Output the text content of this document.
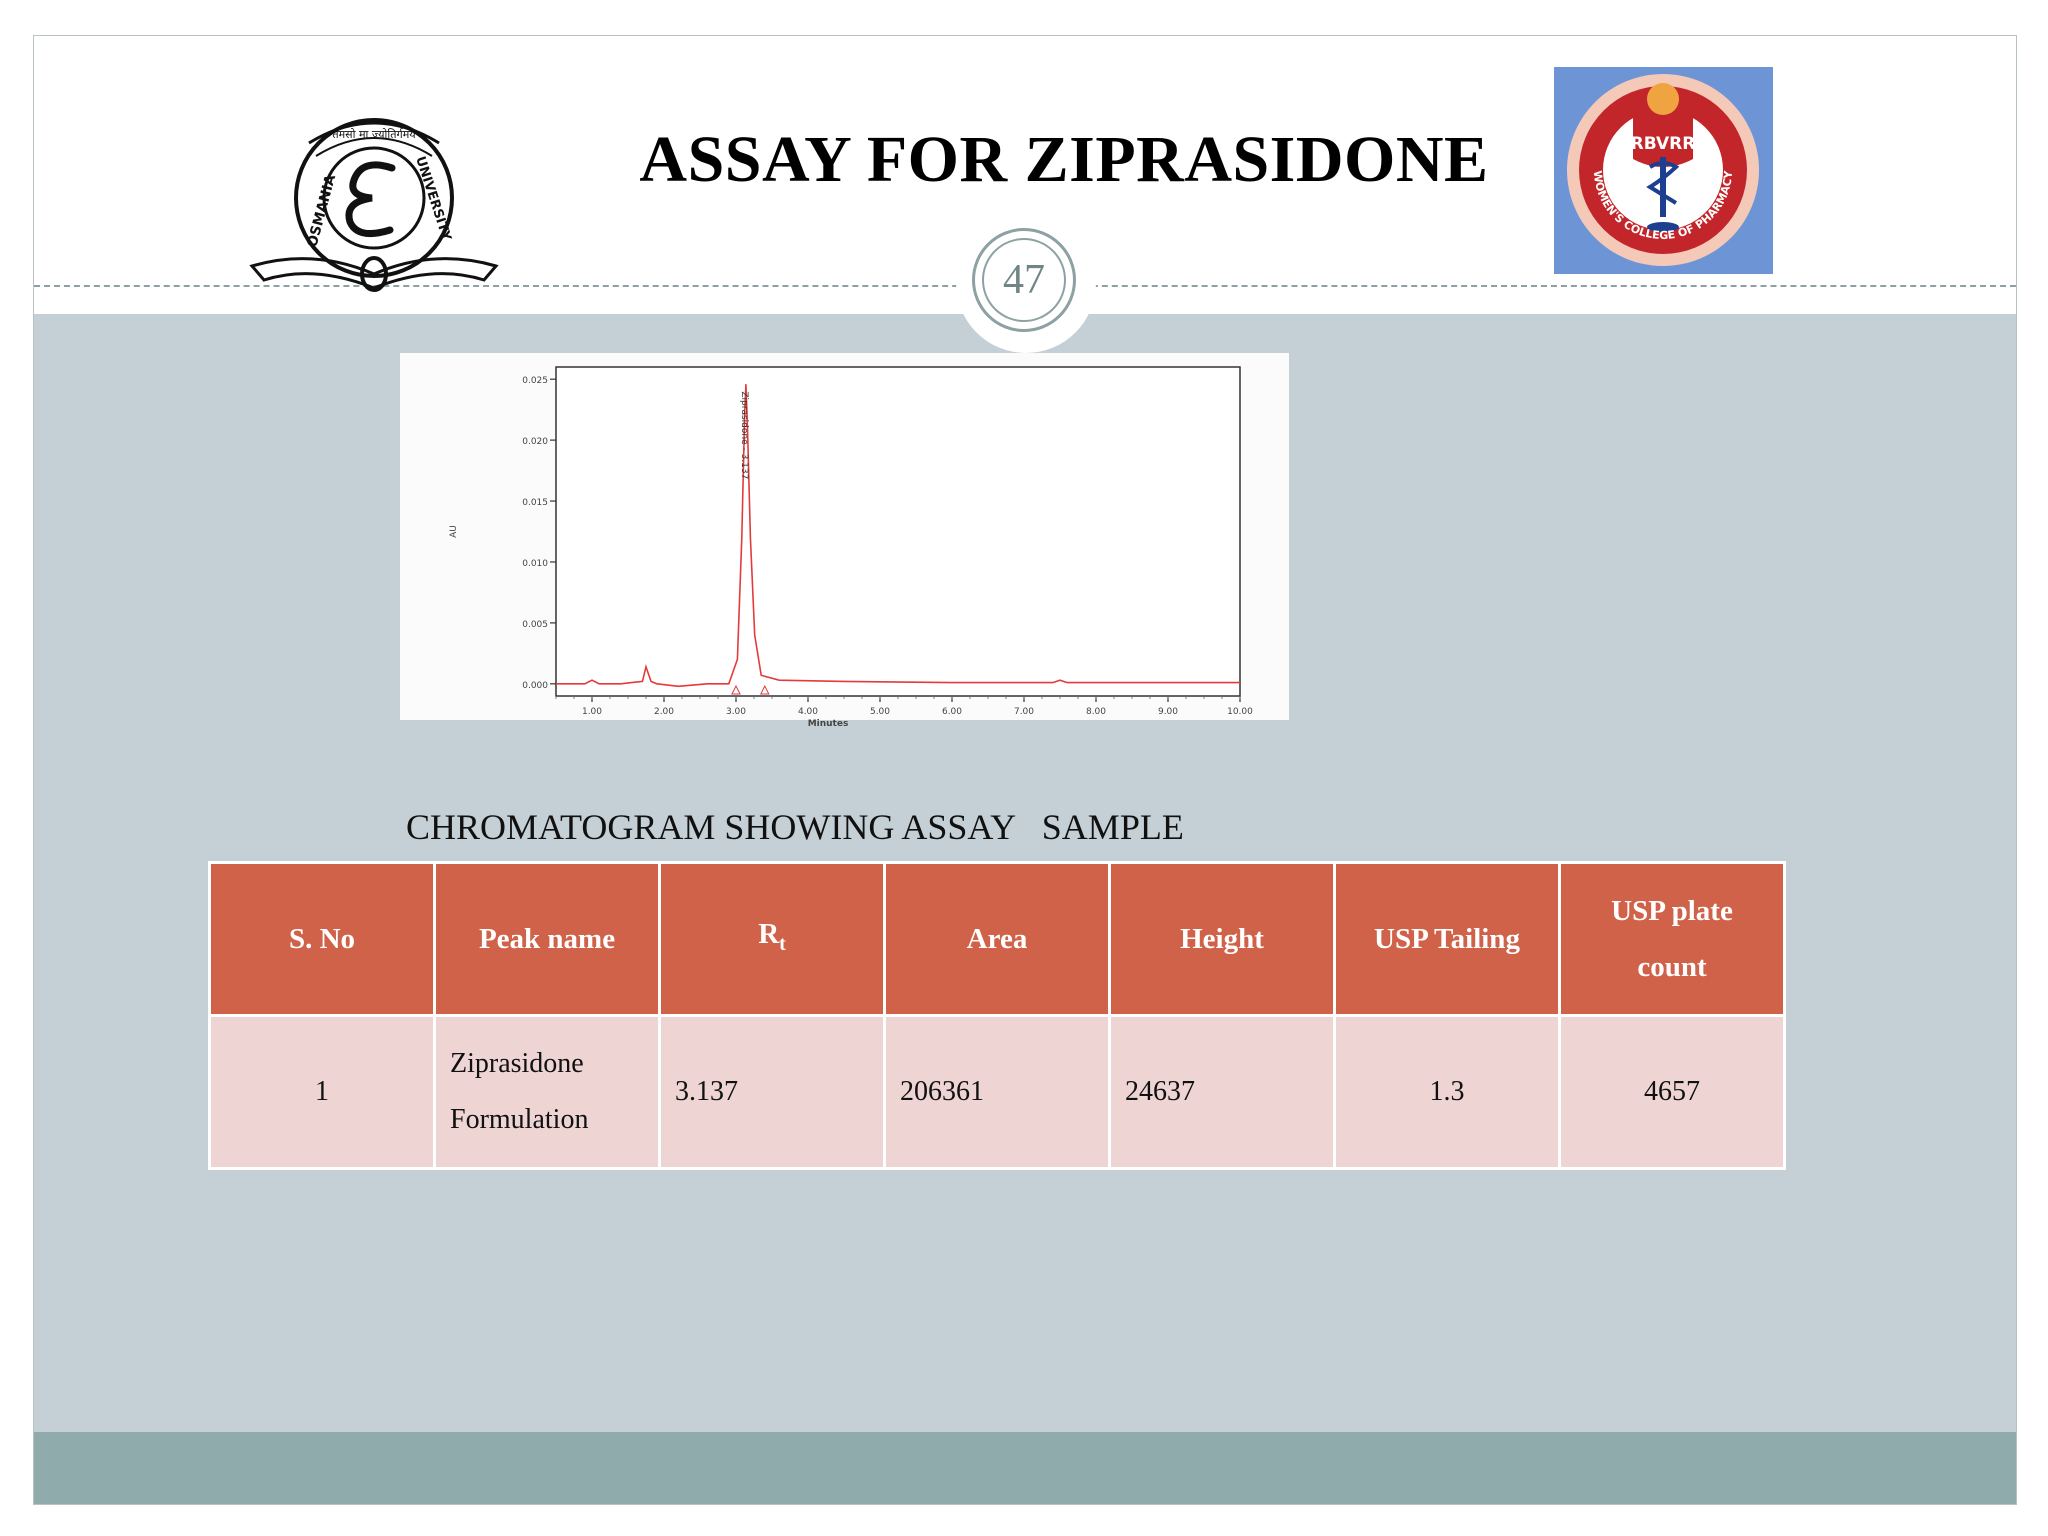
तमसो मा ज्योतिर्गमय
OSMANIA	UNIVERSITY	ASSAY FOR ZIPRASIDONE	RBVRR
WOMEN'S COLLEGE OF PHARMACY
47
0.000
0.005
0.010
0.015
0.020
0.025
1.00	2.00	3.00	4.00	5.00	6.00	7.00	8.00	9.00	10.00
AU
Minutes
Ziprasidone - 3.137
CHROMATOGRAM SHOWING ASSAY   SAMPLE
S. No	Peak name	$R_t$	Area	Height	USP Tailing	USP plate
count
1	Ziprasidone
Formulation	3.137	206361	24637	1.3	4657
